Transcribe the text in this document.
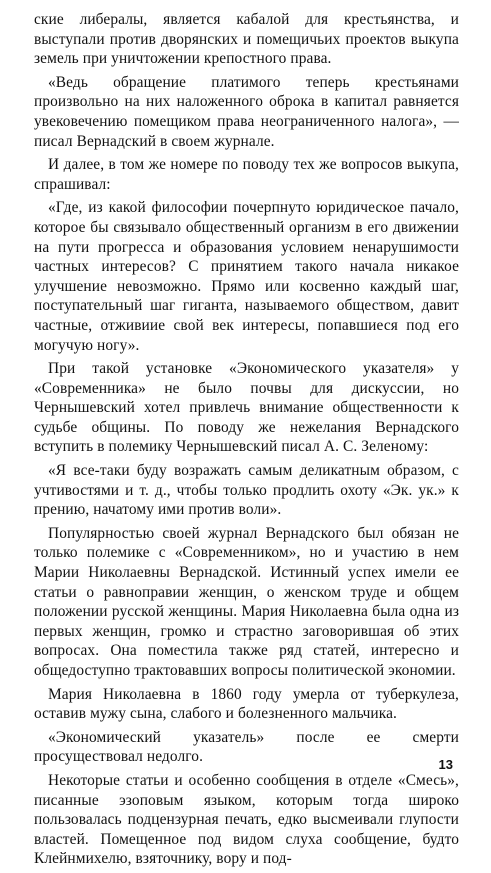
ские либералы, является кабалой для крестьянства, и выступали против дворянских и помещичьих проектов выкупа земель при уничтожении крепостного права.

«Ведь обращение платимого теперь крестьянами произвольно на них наложенного оброка в капитал равняется увековечению помещиком права неограниченного налога», — писал Вернадский в своем журнале.

И далее, в том же номере по поводу тех же вопросов выкупа, спрашивал:

«Где, из какой философии почерпнуто юридическое пачало, которое бы связывало общественный организм в его движении на пути прогресса и образования условием ненарушимости частных интересов? С принятием такого начала никакое улучшение невозможно. Прямо или косвенно каждый шаг, поступательный шаг гиганта, называемого обществом, давит частные, отживиие свой век интересы, попавшиеся под его могучую ногу».

При такой установке «Экономического указателя» у «Современника» не было почвы для дискуссии, но Чернышевский хотел привлечь внимание общественности к судьбе общины. По поводу же нежелания Вернадского вступить в полемику Чернышевский писал А. С. Зеленому:

«Я все-таки буду возражать самым деликатным образом, с учтивостями и т. д., чтобы только продлить охоту «Эк. ук.» к прению, начатому ими против воли».

Популярностью своей журнал Вернадского был обязан не только полемике с «Современником», но и участию в нем Марии Николаевны Вернадской. Истинный успех имели ее статьи о равноправии женщин, о женском труде и общем положении русской женщины. Мария Николаевна была одна из первых женщин, громко и страстно заговорившая об этих вопросах. Она поместила также ряд статей, интересно и общедоступно трактовавших вопросы политической экономии.

Мария Николаевна в 1860 году умерла от туберкулеза, оставив мужу сына, слабого и болезненного мальчика.

«Экономический указатель» после ее смерти просуществовал недолго.

Некоторые статьи и особенно сообщения в отделе «Смесь», писанные эзоповым языком, которым тогда широко пользовалась подцензурная печать, едко высмеивали глупости властей. Помещенное под видом слуха сообщение, будто Клейнмихелю, взяточнику, вору и под-

13
